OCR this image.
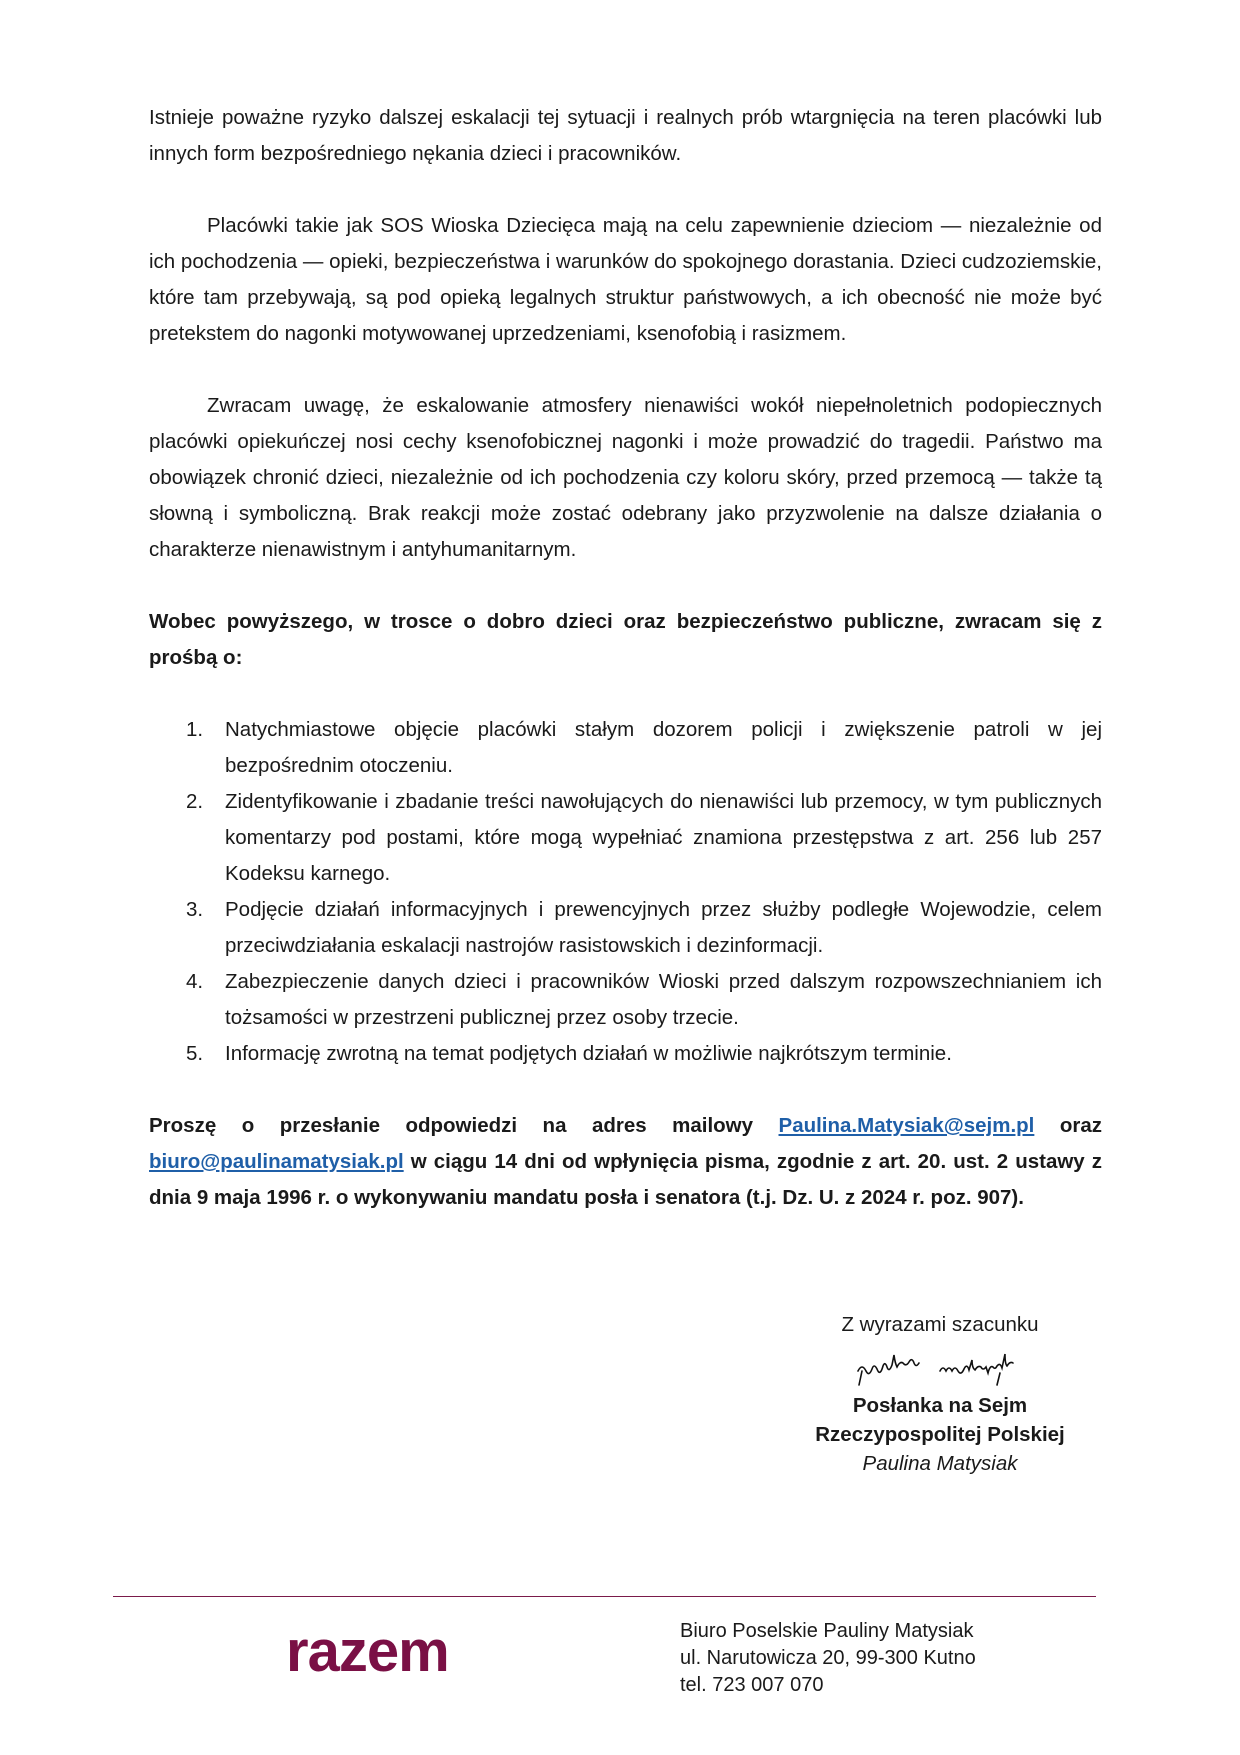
Istnieje poważne ryzyko dalszej eskalacji tej sytuacji i realnych prób wtargnięcia na teren placówki lub innych form bezpośredniego nękania dzieci i pracowników.

Placówki takie jak SOS Wioska Dziecięca mają na celu zapewnienie dzieciom — niezależnie od ich pochodzenia — opieki, bezpieczeństwa i warunków do spokojnego dorastania. Dzieci cudzoziemskie, które tam przebywają, są pod opieką legalnych struktur państwowych, a ich obecność nie może być pretekstem do nagonki motywowanej uprzedzeniami, ksenofobią i rasizmem.

Zwracam uwagę, że eskalowanie atmosfery nienawiści wokół niepełnoletnich podopiecznych placówki opiekuńczej nosi cechy ksenofobicznej nagonki i może prowadzić do tragedii. Państwo ma obowiązek chronić dzieci, niezależnie od ich pochodzenia czy koloru skóry, przed przemocą — także tą słowną i symboliczną. Brak reakcji może zostać odebrany jako przyzwolenie na dalsze działania o charakterze nienawistnym i antyhumanitarnym.

Wobec powyższego, w trosce o dobro dzieci oraz bezpieczeństwo publiczne, zwracam się z prośbą o:

1. Natychmiastowe objęcie placówki stałym dozorem policji i zwiększenie patroli w jej bezpośrednim otoczeniu.
2. Zidentyfikowanie i zbadanie treści nawołujących do nienawiści lub przemocy, w tym publicznych komentarzy pod postami, które mogą wypełniać znamiona przestępstwa z art. 256 lub 257 Kodeksu karnego.
3. Podjęcie działań informacyjnych i prewencyjnych przez służby podległe Wojewodzie, celem przeciwdziałania eskalacji nastrojów rasistowskich i dezinformacji.
4. Zabezpieczenie danych dzieci i pracowników Wioski przed dalszym rozpowszechnianiem ich tożsamości w przestrzeni publicznej przez osoby trzecie.
5. Informację zwrotną na temat podjętych działań w możliwie najkrótszym terminie.

Proszę o przesłanie odpowiedzi na adres mailowy Paulina.Matysiak@sejm.pl oraz biuro@paulinamatysiak.pl w ciągu 14 dni od wpłynięcia pisma, zgodnie z art. 20. ust. 2 ustawy z dnia 9 maja 1996 r. o wykonywaniu mandatu posła i senatora (t.j. Dz. U. z 2024 r. poz. 907).

Z wyrazami szacunku
Posłanka na Sejm
Rzeczypospolitej Polskiej
Paulina Matysiak
razem	Biuro Poselskie Pauliny Matysiak
ul. Narutowicza 20, 99-300 Kutno
tel. 723 007 070
